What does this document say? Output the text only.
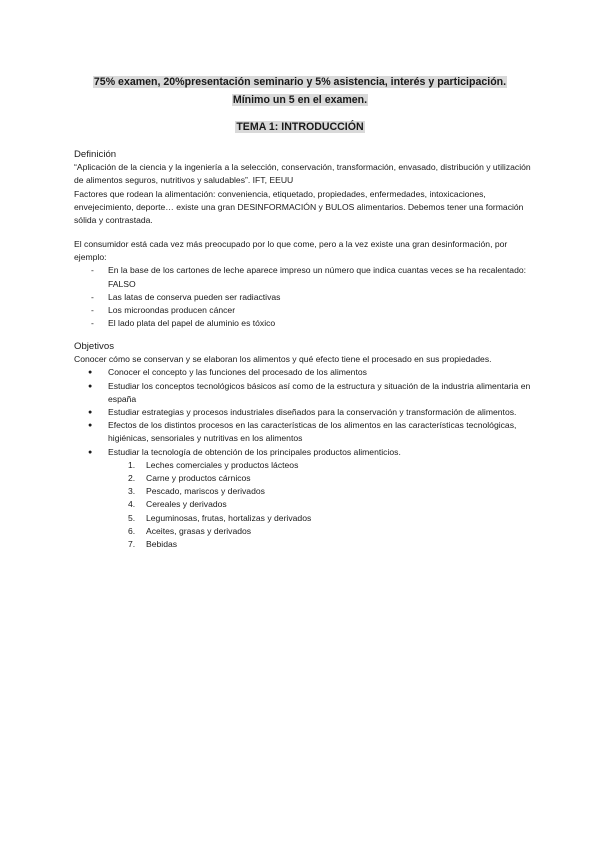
75% examen, 20%presentación seminario y 5% asistencia, interés y participación.
Mínimo un 5 en el examen.
TEMA 1: INTRODUCCIÓN

Definición

“Aplicación de la ciencia y la ingeniería a la selección, conservación, transformación, envasado, distribución y utilización de alimentos seguros, nutritivos y saludables”. IFT, EEUU

Factores que rodean la alimentación: conveniencia, etiquetado, propiedades, enfermedades, intoxicaciones, envejecimiento, deporte… existe una gran DESINFORMACIÓN y BULOS alimentarios. Debemos tener una formación sólida y contrastada.

El consumidor está cada vez más preocupado por lo que come, pero a la vez existe una gran desinformación, por ejemplo:

- En la base de los cartones de leche aparece impreso un número que indica cuantas veces se ha recalentado: FALSO
- Las latas de conserva pueden ser radiactivas
- Los microondas producen cáncer
- El lado plata del papel de aluminio es tóxico

Objetivos

Conocer cómo se conservan y se elaboran los alimentos y qué efecto tiene el procesado en sus propiedades.

● Conocer el concepto y las funciones del procesado de los alimentos
● Estudiar los conceptos tecnológicos básicos así como de la estructura y situación de la industria alimentaria en españa
● Estudiar estrategias y procesos industriales diseñados para la conservación y transformación de alimentos.
● Efectos de los distintos procesos en las características de los alimentos en las características tecnológicas, higiénicas, sensoriales y nutritivas en los alimentos
● Estudiar la tecnología de obtención de los principales productos alimenticios.
1. Leches comerciales y productos lácteos
2. Carne y productos cárnicos
3. Pescado, mariscos y derivados
4. Cereales y derivados
5. Leguminosas, frutas, hortalizas y derivados
6. Aceites, grasas y derivados
7. Bebidas
